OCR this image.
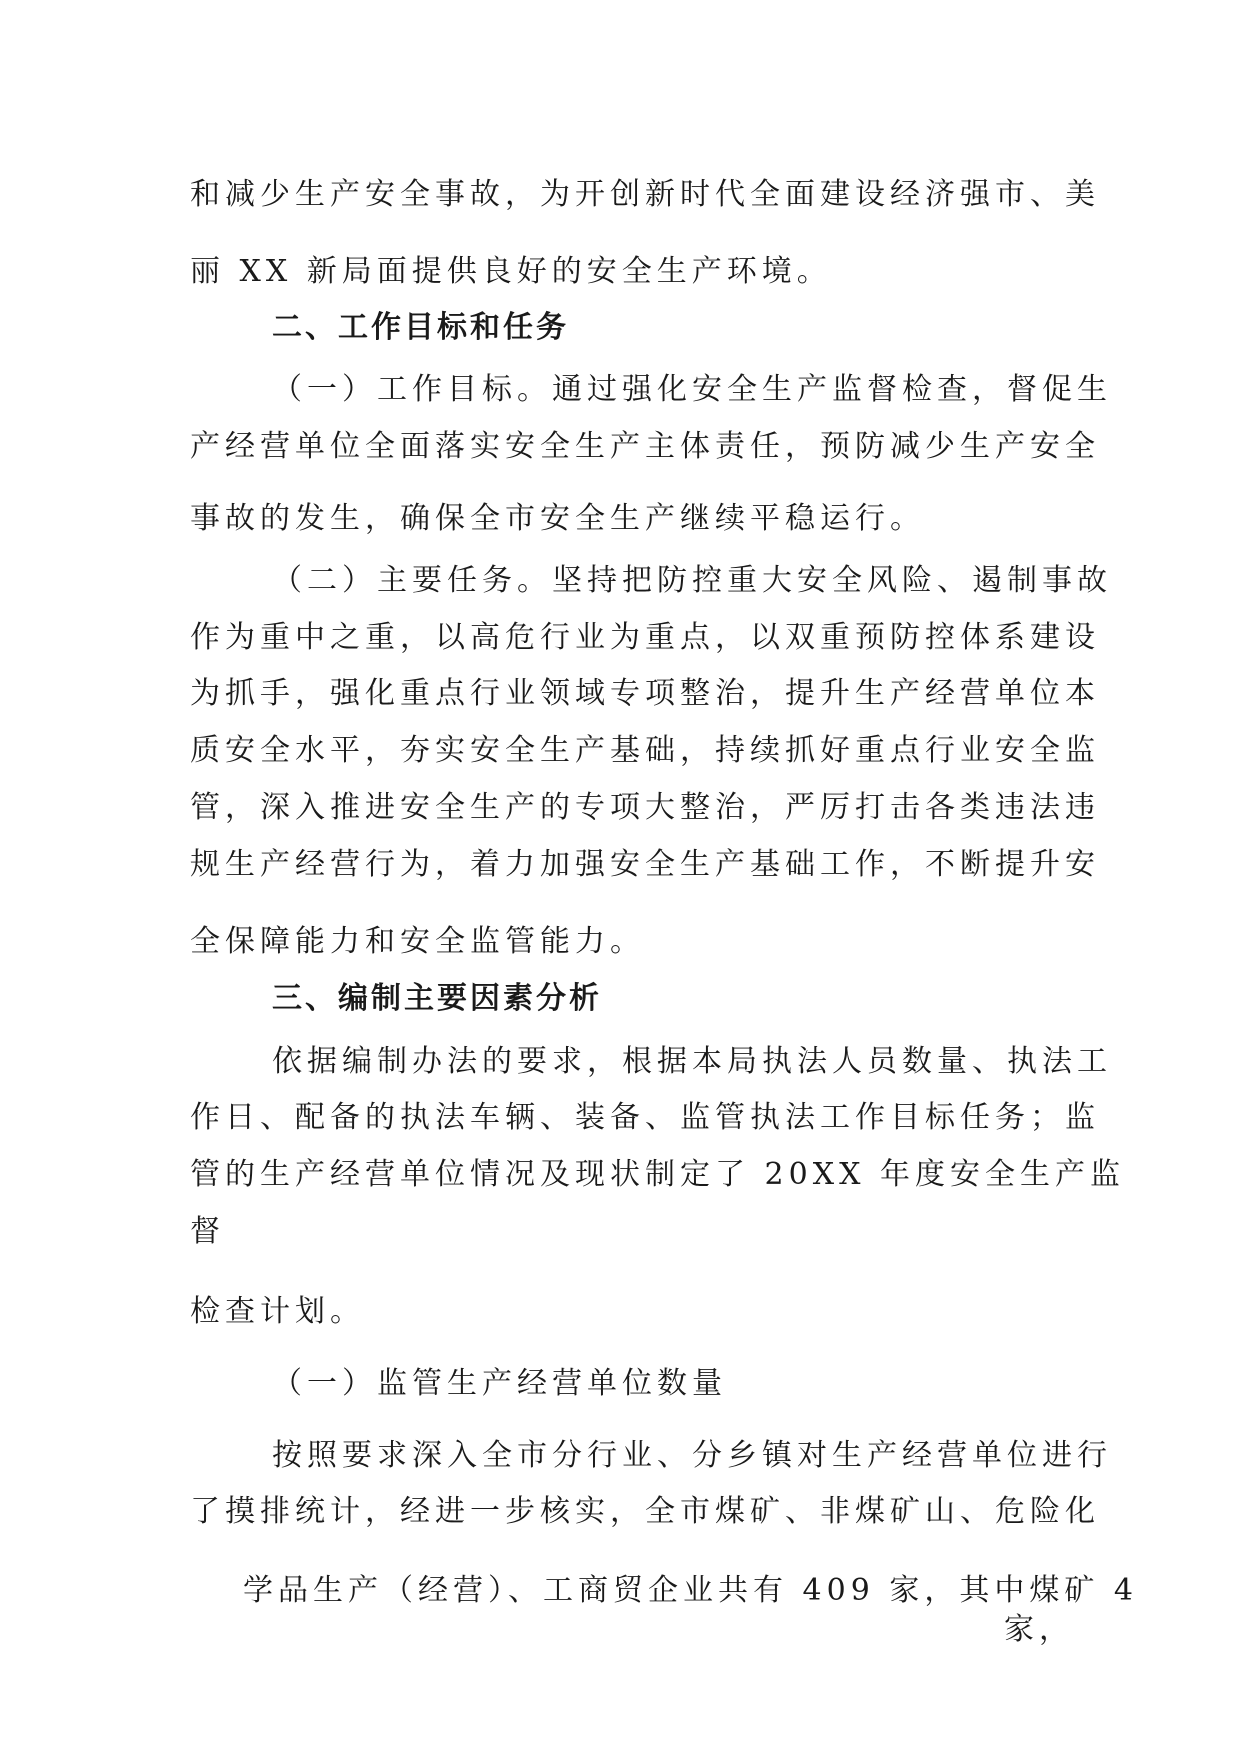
和减少生产安全事故，为开创新时代全面建设经济强市、美

丽 XX 新局面提供良好的安全生产环境。

二、工作目标和任务

（一）工作目标。通过强化安全生产监督检查，督促生

产经营单位全面落实安全生产主体责任，预防减少生产安全

事故的发生，确保全市安全生产继续平稳运行。

（二）主要任务。坚持把防控重大安全风险、遏制事故

作为重中之重，以高危行业为重点，以双重预防控体系建设

为抓手，强化重点行业领域专项整治，提升生产经营单位本

质安全水平，夯实安全生产基础，持续抓好重点行业安全监

管，深入推进安全生产的专项大整治，严厉打击各类违法违

规生产经营行为，着力加强安全生产基础工作，不断提升安

全保障能力和安全监管能力。

三、编制主要因素分析

依据编制办法的要求，根据本局执法人员数量、执法工

作日、配备的执法车辆、装备、监管执法工作目标任务；监

管的生产经营单位情况及现状制定了 20XX 年度安全生产监

督

检查计划。

（一）监管生产经营单位数量

按照要求深入全市分行业、分乡镇对生产经营单位进行

了摸排统计，经进一步核实，全市煤矿、非煤矿山、危险化

学品生产（经营）、工商贸企业共有 409 家，其中煤矿 4

家，
